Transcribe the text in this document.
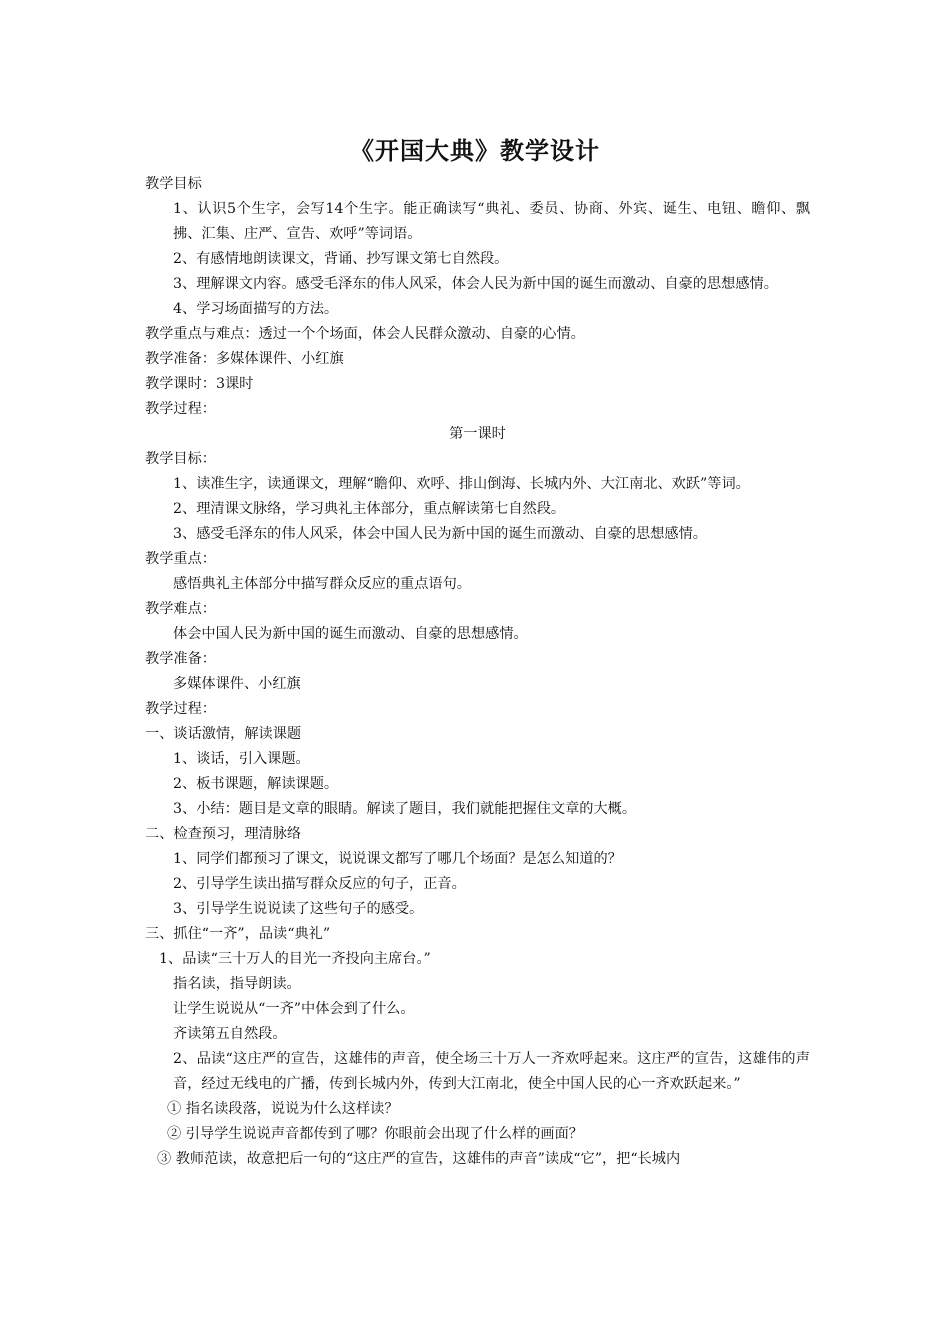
《开国大典》教学设计

教学目标

1、认识5个生字，会写14个生字。能正确读写“典礼、委员、协商、外宾、诞生、电钮、瞻仰、飘拂、汇集、庄严、宣告、欢呼”等词语。

2、有感情地朗读课文，背诵、抄写课文第七自然段。

3、理解课文内容。感受毛泽东的伟人风采，体会人民为新中国的诞生而激动、自豪的思想感情。

4、学习场面描写的方法。

教学重点与难点：透过一个个场面，体会人民群众激动、自豪的心情。

教学准备：多媒体课件、小红旗

教学课时：3课时

教学过程：

第一课时

教学目标：

1、读准生字，读通课文，理解“瞻仰、欢呼、排山倒海、长城内外、大江南北、欢跃”等词。

2、理清课文脉络，学习典礼主体部分，重点解读第七自然段。

3、感受毛泽东的伟人风采，体会中国人民为新中国的诞生而激动、自豪的思想感情。

教学重点：

感悟典礼主体部分中描写群众反应的重点语句。

教学难点：

体会中国人民为新中国的诞生而激动、自豪的思想感情。

教学准备：

多媒体课件、小红旗

教学过程：

一、谈话激情，解读课题

1、谈话，引入课题。

2、板书课题，解读课题。

3、小结：题目是文章的眼睛。解读了题目，我们就能把握住文章的大概。

二、检查预习，理清脉络

1、同学们都预习了课文，说说课文都写了哪几个场面？是怎么知道的？

2、引导学生读出描写群众反应的句子，正音。

3、引导学生说说读了这些句子的感受。

三、抓住“一齐”，品读“典礼”

1、品读“三十万人的目光一齐投向主席台。”

指名读，指导朗读。

让学生说说从“一齐”中体会到了什么。

齐读第五自然段。

2、品读“这庄严的宣告，这雄伟的声音，使全场三十万人一齐欢呼起来。这庄严的宣告，这雄伟的声音，经过无线电的广播，传到长城内外，传到大江南北，使全中国人民的心一齐欢跃起来。”

① 指名读段落，说说为什么这样读？

② 引导学生说说声音都传到了哪？你眼前会出现了什么样的画面？

③ 教师范读，故意把后一句的“这庄严的宣告，这雄伟的声音”读成“它”，把“长城内
